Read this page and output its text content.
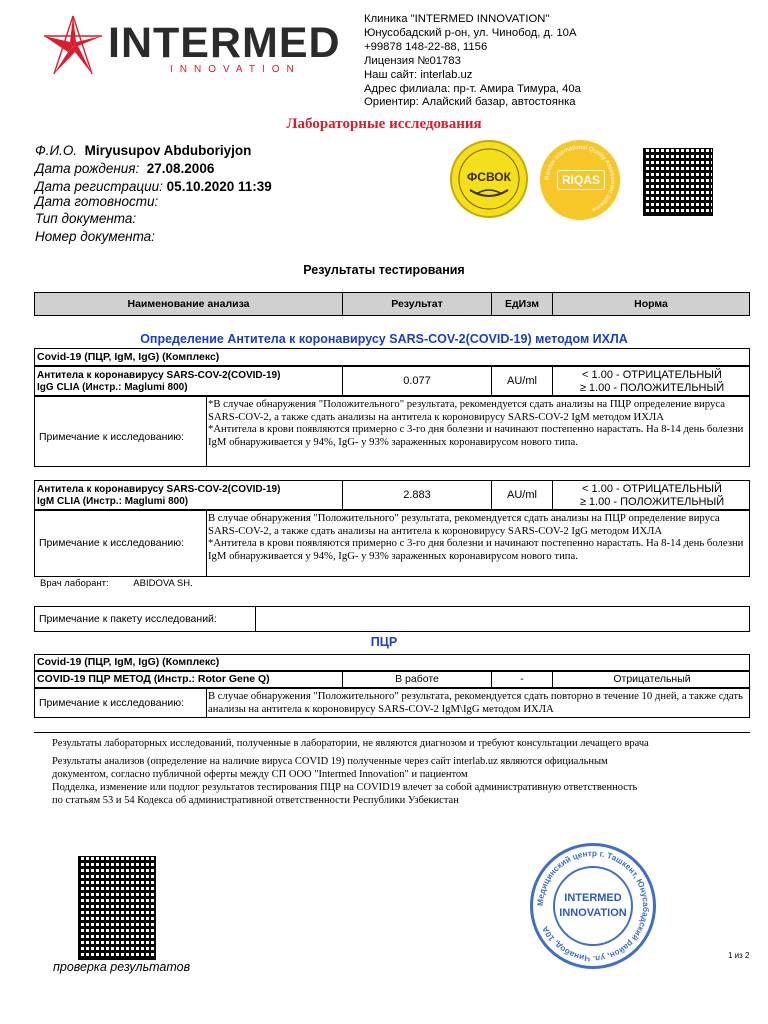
INTERMED
INNOVATION
Клиника "INTERMED INNOVATION"
Юнусобадский р-он, ул. Чинобод, д. 10А
+99878 148-22-88, 1156
Лицензия №01783
Наш сайт: interlab.uz
Адрес филиала: пр-т. Амира Тимура, 40а
Ориентир: Алайский базар, автостоянка
Лабораторные исследования
Ф.И.О. Miryusupov Abduboriyjon
Дата рождения: 27.08.2006
Дата регистрации: 05.10.2020 11:39
Дата готовности:
Тип документа:
Номер документа:
ФСВОК	Randox International Quality Assessment Scheme
RIQAS
Результаты тестирования
Наименование анализа	Результат	ЕдИзм	Норма
Определение Антитела к коронавирусу SARS-COV-2(COVID-19) методом ИХЛА
Covid-19 (ПЦР, IgM, IgG) (Комплекс)
Антитела к коронавирусу SARS-COV-2(COVID-19)
IgG CLIA (Инстр.: Maglumi 800)
0.077	AU/ml	< 1.00 - ОТРИЦАТЕЛЬНЫЙ
≥ 1.00 - ПОЛОЖИТЕЛЬНЫЙ
Примечание к исследованию:
*В случае обнаружения "Положительного" результата, рекомендуется сдать анализы на ПЦР определение вируса SARS-COV-2, а также сдать анализы на антитела к короновирусу SARS-COV-2 IgM методом ИХЛА
*Антитела в крови появляются примерно с 3-го дня болезни и начинают постепенно нарастать. На 8-14 день болезни IgM обнаруживается у 94%, IgG- у 93% зараженных коронавирусом нового типа.
Антитела к коронавирусу SARS-COV-2(COVID-19)
IgM CLIA (Инстр.: Maglumi 800)
2.883	AU/ml	< 1.00 - ОТРИЦАТЕЛЬНЫЙ
≥ 1.00 - ПОЛОЖИТЕЛЬНЫЙ
Примечание к исследованию:
В случае обнаружения "Положительного" результата, рекомендуется сдать анализы на ПЦР определение вируса SARS-COV-2, а также сдать анализы на антитела к короновирусу SARS-COV-2 IgG методом ИХЛА
*Антитела в крови появляются примерно с 3-го дня болезни и начинают постепенно нарастать. На 8-14 день болезни IgM обнаруживается у 94%, IgG- у 93% зараженных коронавирусом нового типа.
Врач лаборант:	ABIDOVA SH.
Примечание к пакету исследований:
ПЦР
Covid-19 (ПЦР, IgM, IgG) (Комплекс)
COVID-19 ПЦР МЕТОД (Инстр.: Rotor Gene Q)	В работе	-	Отрицательный
Примечание к исследованию:
В случае обнаружения "Положительного" результата, рекомендуется сдать повторно в течение 10 дней, а также сдать анализы на антитела к короновирусу SARS-COV-2 IgM\IgG методом ИХЛА
Результаты лабораторных исследований, полученные в лаборатории, не являются диагнозом и требуют консультации лечащего врача
Результаты анализов (определение на наличие вируса COVID 19) полученные через сайт interlab.uz являются официальным документом, согласно публичной оферты между СП ООО "Intermed Innovation" и пациентом
Подделка, изменение или подлог результатов тестирования ПЦР на COVID19 влечет за собой административную ответственность по статьям 53 и 54 Кодекса об административной ответственности Республики Узбекистан
проверка результатов
Медицинский центр г. Ташкент, Юнусабадский район, ул. Чинабод, 10А
INTERMED
INNOVATION
1 из 2
